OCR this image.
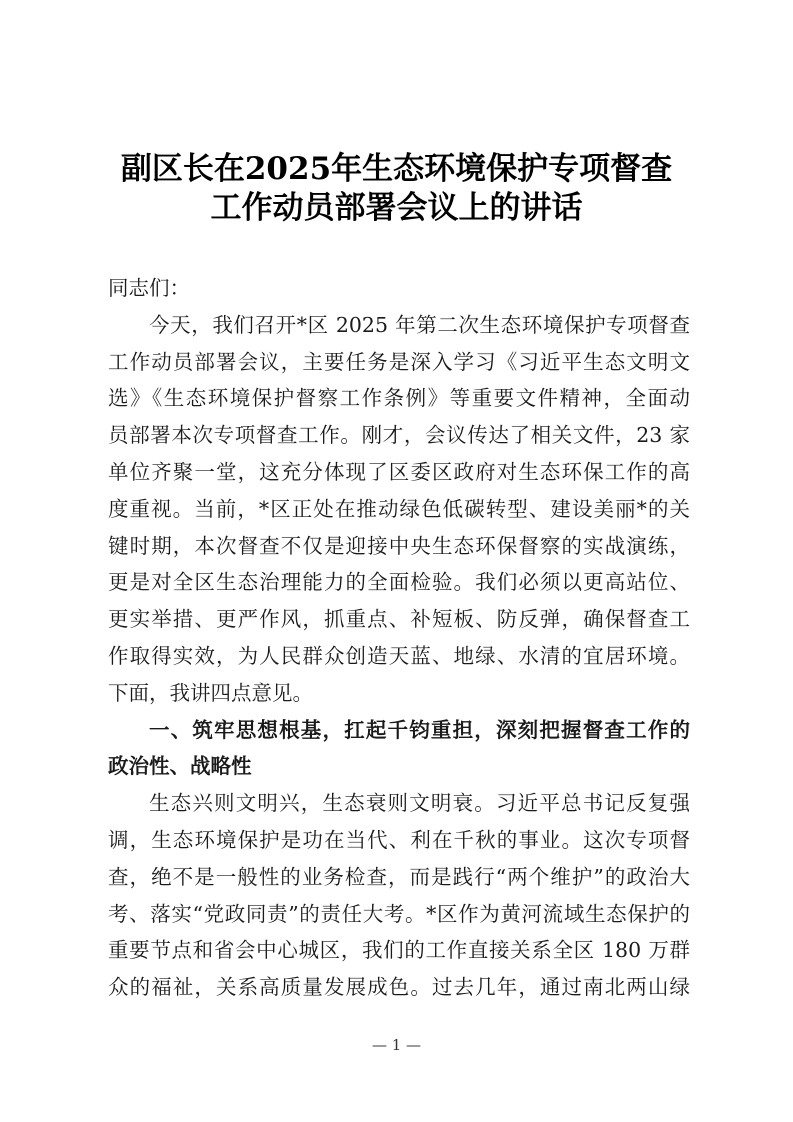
副区长在2025年生态环境保护专项督查
工作动员部署会议上的讲话
同志们：
今天，我们召开*区 2025 年第二次生态环境保护专项督查
工作动员部署会议，主要任务是深入学习《习近平生态文明文
选》《生态环境保护督察工作条例》等重要文件精神，全面动
员部署本次专项督查工作。刚才，会议传达了相关文件，23 家
单位齐聚一堂，这充分体现了区委区政府对生态环保工作的高
度重视。当前，*区正处在推动绿色低碳转型、建设美丽*的关
键时期，本次督查不仅是迎接中央生态环保督察的实战演练，
更是对全区生态治理能力的全面检验。我们必须以更高站位、
更实举措、更严作风，抓重点、补短板、防反弹，确保督查工
作取得实效，为人民群众创造天蓝、地绿、水清的宜居环境。
下面，我讲四点意见。
一、筑牢思想根基，扛起千钧重担，深刻把握督查工作的
政治性、战略性
生态兴则文明兴，生态衰则文明衰。习近平总书记反复强
调，生态环境保护是功在当代、利在千秋的事业。这次专项督
查，绝不是一般性的业务检查，而是践行“两个维护”的政治大
考、落实“党政同责”的责任大考。*区作为黄河流域生态保护的
重要节点和省会中心城区，我们的工作直接关系全区 180 万群
众的福祉，关系高质量发展成色。过去几年，通过南北两山绿
— 1 —
